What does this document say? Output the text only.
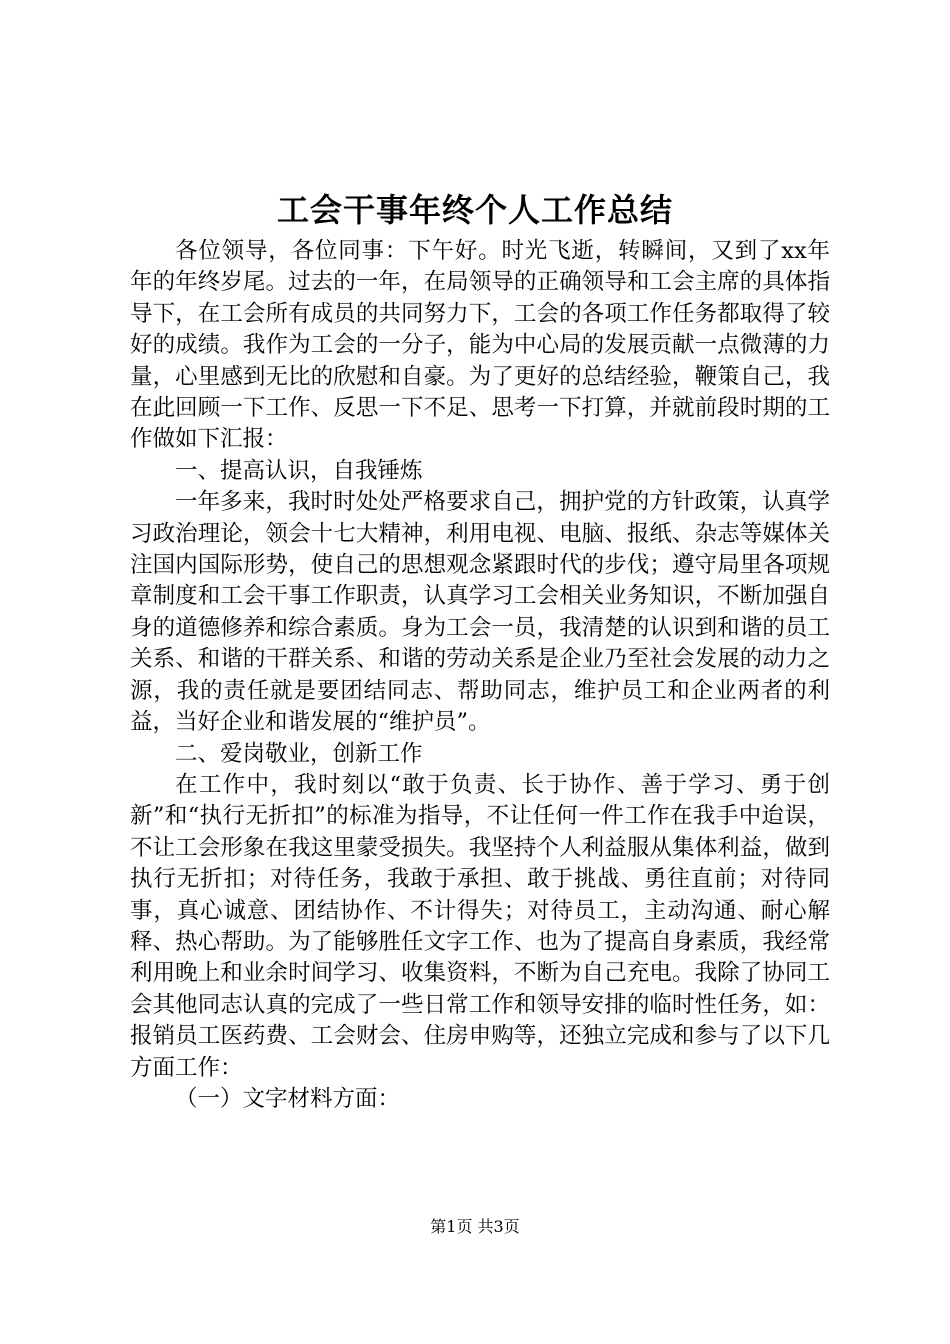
工会干事年终个人工作总结

各位领导，各位同事：下午好。时光飞逝，转瞬间，又到了xx年年的年终岁尾。过去的一年，在局领导的正确领导和工会主席的具体指导下，在工会所有成员的共同努力下，工会的各项工作任务都取得了较好的成绩。我作为工会的一分子，能为中心局的发展贡献一点微薄的力量，心里感到无比的欣慰和自豪。为了更好的总结经验，鞭策自己，我在此回顾一下工作、反思一下不足、思考一下打算，并就前段时期的工作做如下汇报：

一、提高认识，自我锤炼

一年多来，我时时处处严格要求自己，拥护党的方针政策，认真学习政治理论，领会十七大精神，利用电视、电脑、报纸、杂志等媒体关注国内国际形势，使自己的思想观念紧跟时代的步伐；遵守局里各项规章制度和工会干事工作职责，认真学习工会相关业务知识，不断加强自身的道德修养和综合素质。身为工会一员，我清楚的认识到和谐的员工关系、和谐的干群关系、和谐的劳动关系是企业乃至社会发展的动力之源，我的责任就是要团结同志、帮助同志，维护员工和企业两者的利益，当好企业和谐发展的“维护员”。

二、爱岗敬业，创新工作

在工作中，我时刻以“敢于负责、长于协作、善于学习、勇于创新”和“执行无折扣”的标准为指导，不让任何一件工作在我手中迨误，不让工会形象在我这里蒙受损失。我坚持个人利益服从集体利益，做到执行无折扣；对待任务，我敢于承担、敢于挑战、勇往直前；对待同事，真心诚意、团结协作、不计得失；对待员工，主动沟通、耐心解释、热心帮助。为了能够胜任文字工作、也为了提高自身素质，我经常利用晚上和业余时间学习、收集资料，不断为自己充电。我除了协同工会其他同志认真的完成了一些日常工作和领导安排的临时性任务，如：报销员工医药费、工会财会、住房申购等，还独立完成和参与了以下几方面工作：

（一）文字材料方面：

第1页 共3页
